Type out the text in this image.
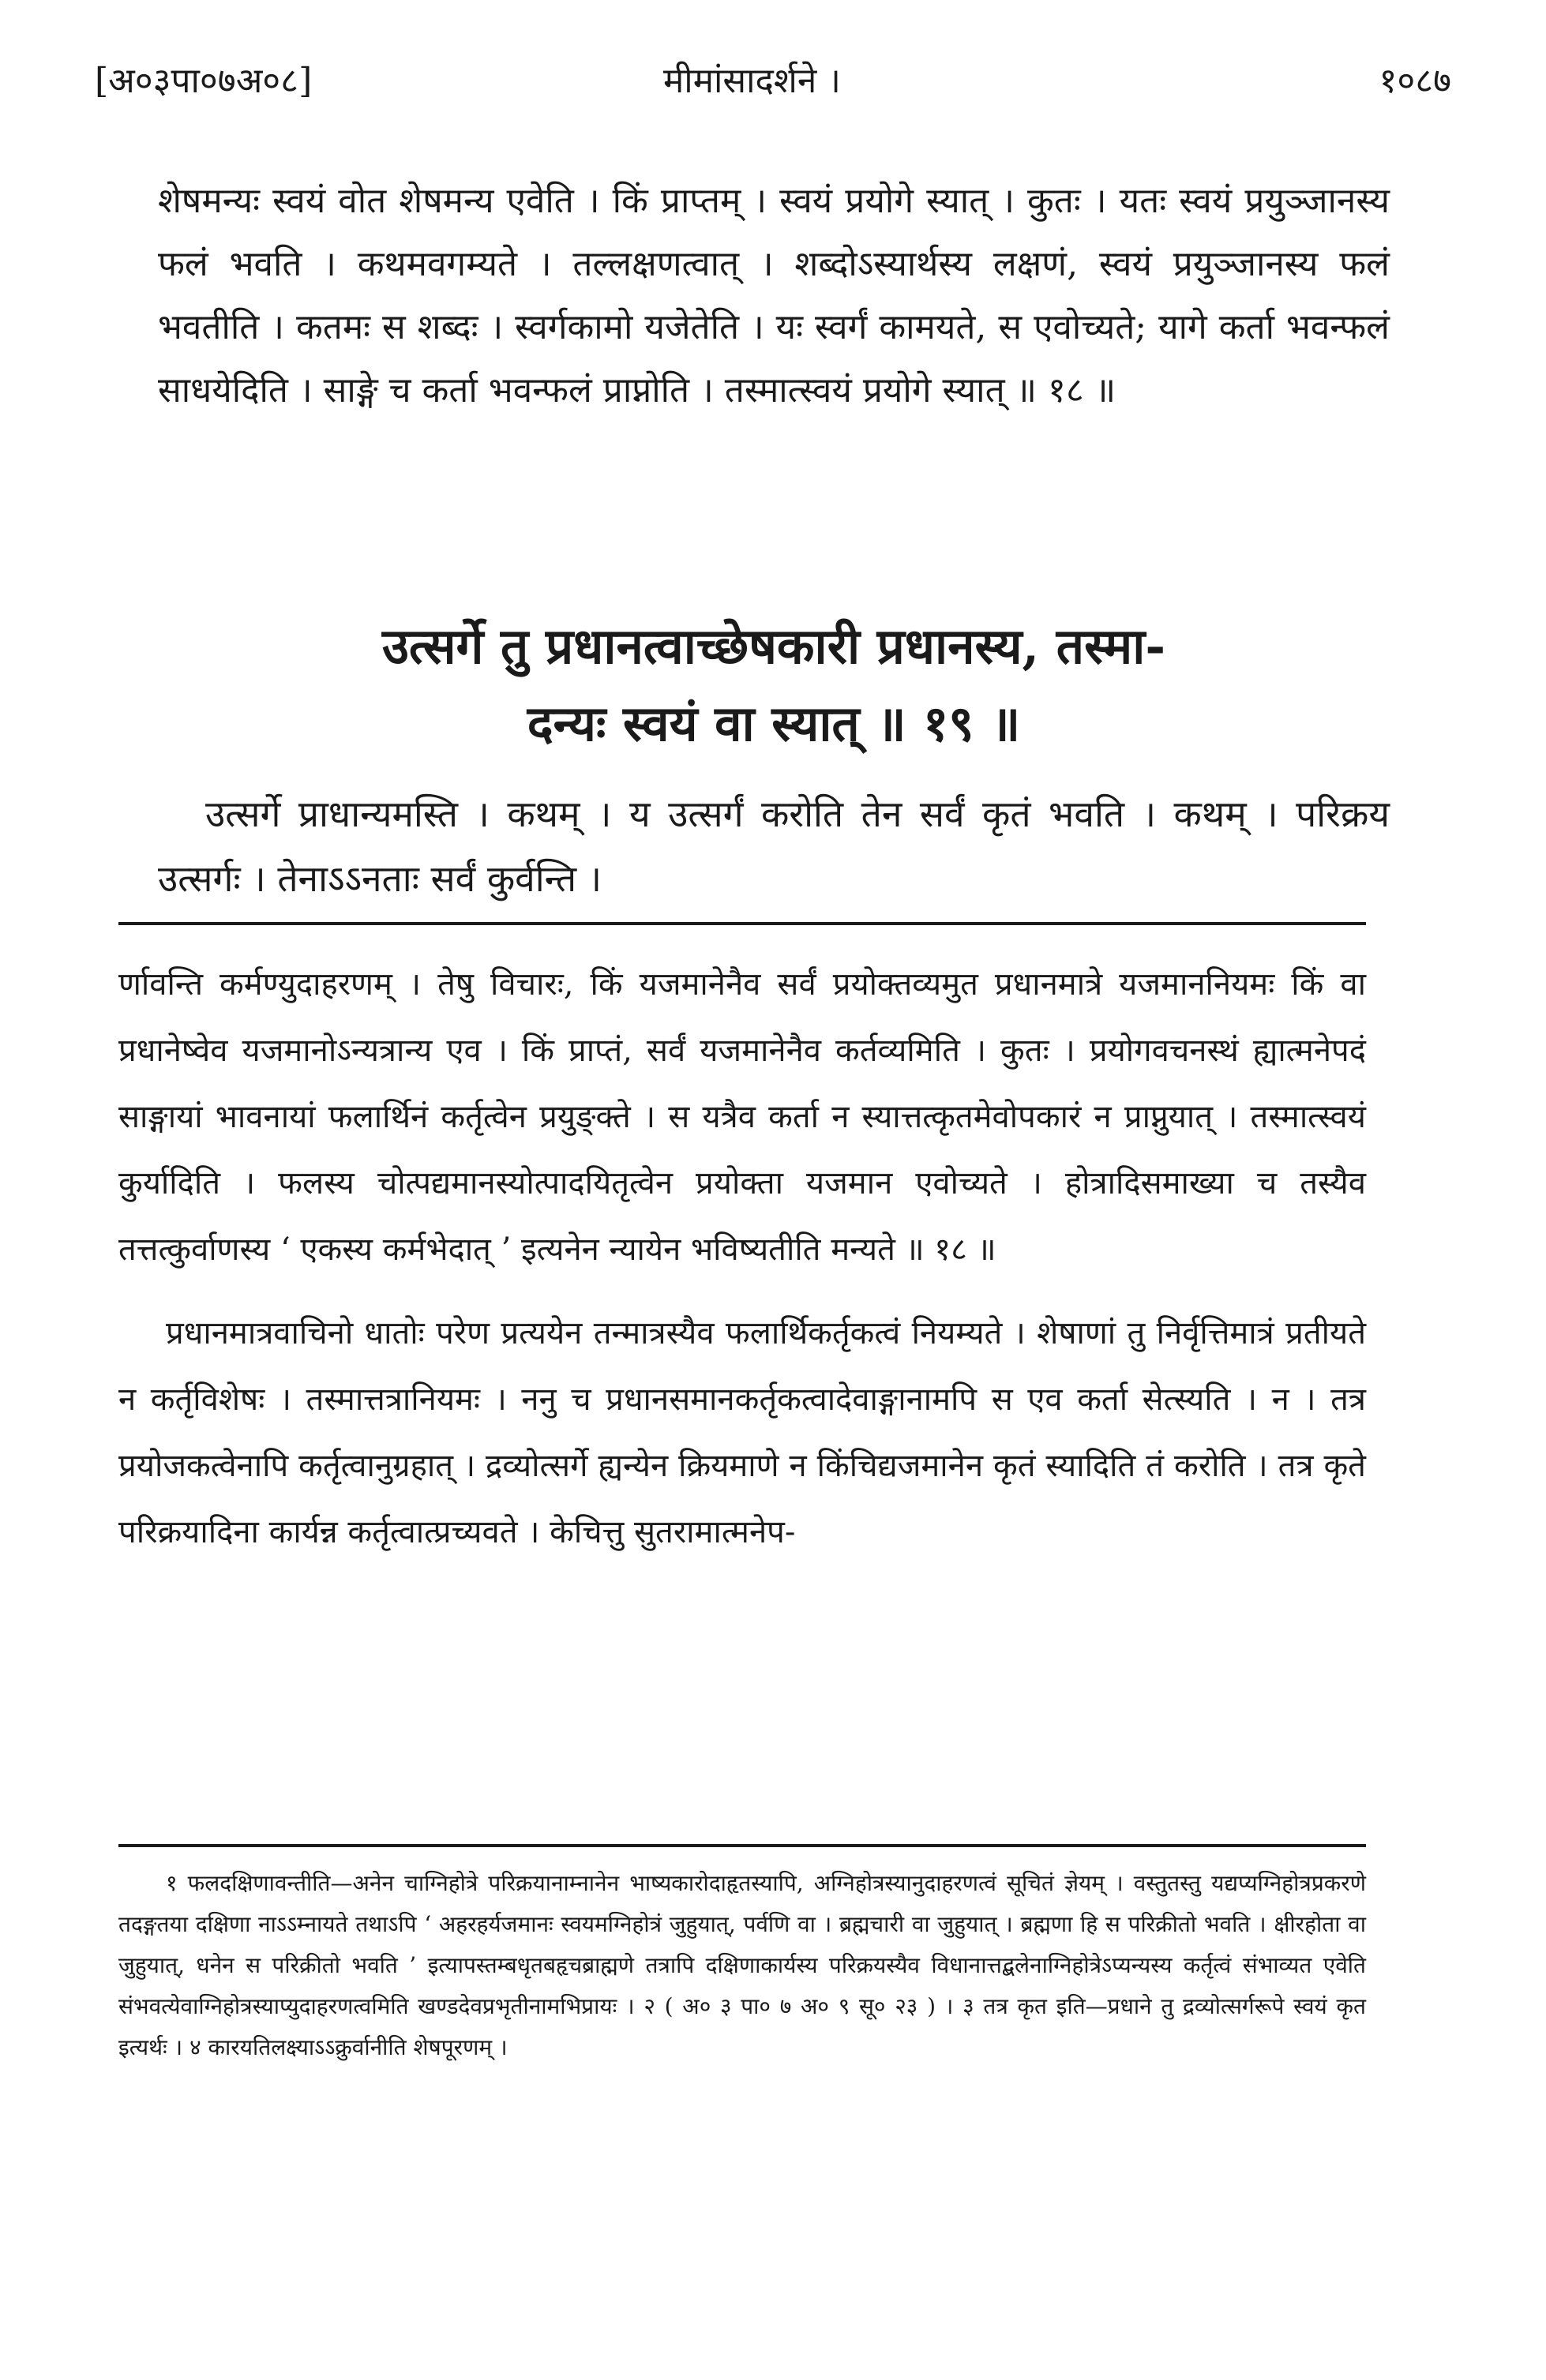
[अ०३पा०७अ०८]	मीमांसादर्शने ।	१०८७

शेषमन्यः स्वयं वोत शेषमन्य एवेति । किं प्राप्तम् । स्वयं प्रयोगे स्यात् । कुतः । यतः स्वयं प्रयुञ्जानस्य फलं भवति । कथमवगम्यते । तल्लक्षणत्वात् । शब्दोऽस्यार्थस्य लक्षणं, स्वयं प्रयुञ्जानस्य फलं भवतीति । कतमः स शब्दः । स्वर्गकामो यजेतेति । यः स्वर्गं कामयते, स एवोच्यते; यागे कर्ता भवन्फलं साधयेदिति । साङ्गे च कर्ता भवन्फलं प्राप्नोति । तस्मात्स्वयं प्रयोगे स्यात् ॥ १८ ॥

उत्सर्गे तु प्रधानत्वाच्छेषकारी प्रधानस्य, तस्मा-

दन्यः स्वयं वा स्यात् ॥ १९ ॥

उत्सर्गे प्राधान्यमस्ति । कथम् । य उत्सर्गं करोति तेन सर्वं कृतं भवति । कथम् । परिक्रय उत्सर्गः । तेनाऽऽनताः सर्वं कुर्वन्ति ।

र्णावन्ति कर्मण्युदाहरणम् । तेषु विचारः, किं यजमानेनैव सर्वं प्रयोक्तव्यमुत प्रधानमात्रे यजमाननियमः किं वा प्रधानेष्वेव यजमानोऽन्यत्रान्य एव । किं प्राप्तं, सर्वं यजमानेनैव कर्तव्यमिति । कुतः । प्रयोगवचनस्थं ह्यात्मनेपदं साङ्गायां भावनायां फलार्थिनं कर्तृत्वेन प्रयुङ्क्ते । स यत्रैव कर्ता न स्यात्तत्कृतमेवोपकारं न प्राप्नुयात् । तस्मात्स्वयं कुर्यादिति । फलस्य चोत्पद्यमानस्योत्पादयितृत्वेन प्रयोक्ता यजमान एवोच्यते । होत्रादिसमाख्या च तस्यैव तत्तत्कुर्वाणस्य ‘ एकस्य कर्मभेदात् ’ इत्यनेन न्यायेन भविष्यतीति मन्यते ॥ १८ ॥

प्रधानमात्रवाचिनो धातोः परेण प्रत्ययेन तन्मात्रस्यैव फलार्थिकर्तृकत्वं नियम्यते । शेषाणां तु निर्वृत्तिमात्रं प्रतीयते न कर्तृविशेषः । तस्मात्तत्रानियमः । ननु च प्रधानसमानकर्तृकत्वादेवाङ्गानामपि स एव कर्ता सेत्स्यति । न । तत्र प्रयोजकत्वेनापि कर्तृत्वानुग्रहात् । द्रव्योत्सर्गे ह्यन्येन क्रियमाणे न किंचिद्यजमानेन कृतं स्यादिति तं करोति । तत्र कृते परिक्रयादिना कार्यन्न कर्तृत्वात्प्रच्यवते । केचित्तु सुतरामात्मनेप-

१ फलदक्षिणावन्तीति—अनेन चाग्निहोत्रे परिक्रयानाम्नानेन भाष्यकारोदाहृतस्यापि, अग्निहोत्रस्यानुदाहरणत्वं सूचितं ज्ञेयम् । वस्तुतस्तु यद्यप्यग्निहोत्रप्रकरणे तदङ्गतया दक्षिणा नाऽऽम्नायते तथाऽपि ‘ अहरहर्यजमानः स्वयमग्निहोत्रं जुहुयात्, पर्वणि वा । ब्रह्मचारी वा जुहुयात् । ब्रह्मणा हि स परिक्रीतो भवति । क्षीरहोता वा जुहुयात्, धनेन स परिक्रीतो भवति ’ इत्यापस्तम्बधृतबहृचब्राह्मणे तत्रापि दक्षिणाकार्यस्य परिक्रयस्यैव विधानात्तद्बलेनाग्निहोत्रेऽप्यन्यस्य कर्तृत्वं संभाव्यत एवेति संभवत्येवाग्निहोत्रस्याप्युदाहरणत्वमिति खण्डदेवप्रभृतीनामभिप्रायः । २ ( अ० ३ पा० ७ अ० ९ सू० २३ ) । ३ तत्र कृत इति—प्रधाने तु द्रव्योत्सर्गरूपे स्वयं कृत इत्यर्थः । ४ कारयतिलक्ष्याऽऽक्रुर्वानीति शेषपूरणम् ।
